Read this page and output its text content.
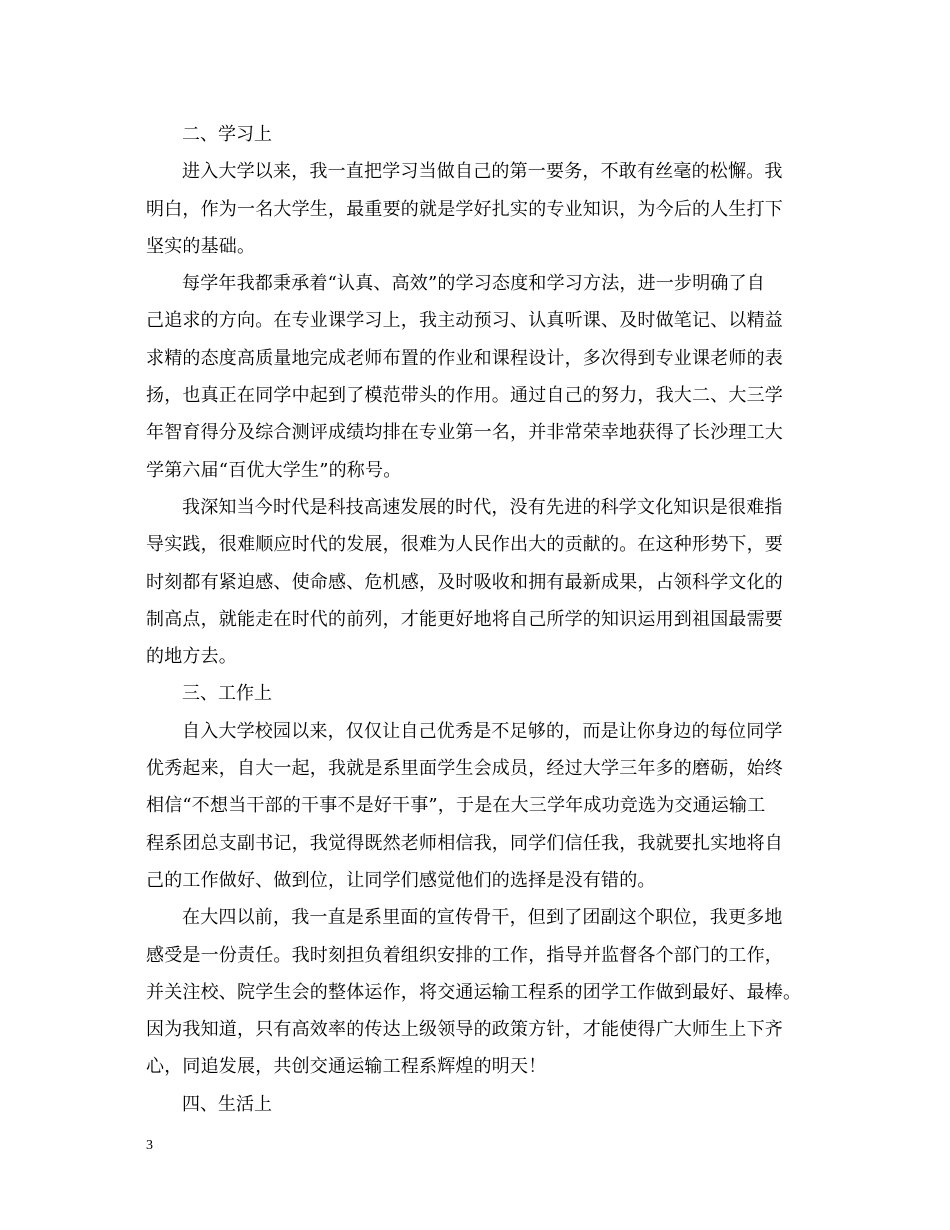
二、学习上

进入大学以来，我一直把学习当做自己的第一要务，不敢有丝毫的松懈。我
明白，作为一名大学生，最重要的就是学好扎实的专业知识，为今后的人生打下
坚实的基础。

每学年我都秉承着“认真、高效”的学习态度和学习方法，进一步明确了自
己追求的方向。在专业课学习上，我主动预习、认真听课、及时做笔记、以精益
求精的态度高质量地完成老师布置的作业和课程设计，多次得到专业课老师的表
扬，也真正在同学中起到了模范带头的作用。通过自己的努力，我大二、大三学
年智育得分及综合测评成绩均排在专业第一名，并非常荣幸地获得了长沙理工大
学第六届“百优大学生”的称号。

我深知当今时代是科技高速发展的时代，没有先进的科学文化知识是很难指
导实践，很难顺应时代的发展，很难为人民作出大的贡献的。在这种形势下，要
时刻都有紧迫感、使命感、危机感，及时吸收和拥有最新成果，占领科学文化的
制高点，就能走在时代的前列，才能更好地将自己所学的知识运用到祖国最需要
的地方去。

三、工作上

自入大学校园以来，仅仅让自己优秀是不足够的，而是让你身边的每位同学
优秀起来，自大一起，我就是系里面学生会成员，经过大学三年多的磨砺，始终
相信“不想当干部的干事不是好干事”，于是在大三学年成功竞选为交通运输工
程系团总支副书记，我觉得既然老师相信我，同学们信任我，我就要扎实地将自
己的工作做好、做到位，让同学们感觉他们的选择是没有错的。

在大四以前，我一直是系里面的宣传骨干，但到了团副这个职位，我更多地
感受是一份责任。我时刻担负着组织安排的工作，指导并监督各个部门的工作，
并关注校、院学生会的整体运作，将交通运输工程系的团学工作做到最好、最棒。
因为我知道，只有高效率的传达上级领导的政策方针，才能使得广大师生上下齐
心，同追发展，共创交通运输工程系辉煌的明天！

四、生活上

3
